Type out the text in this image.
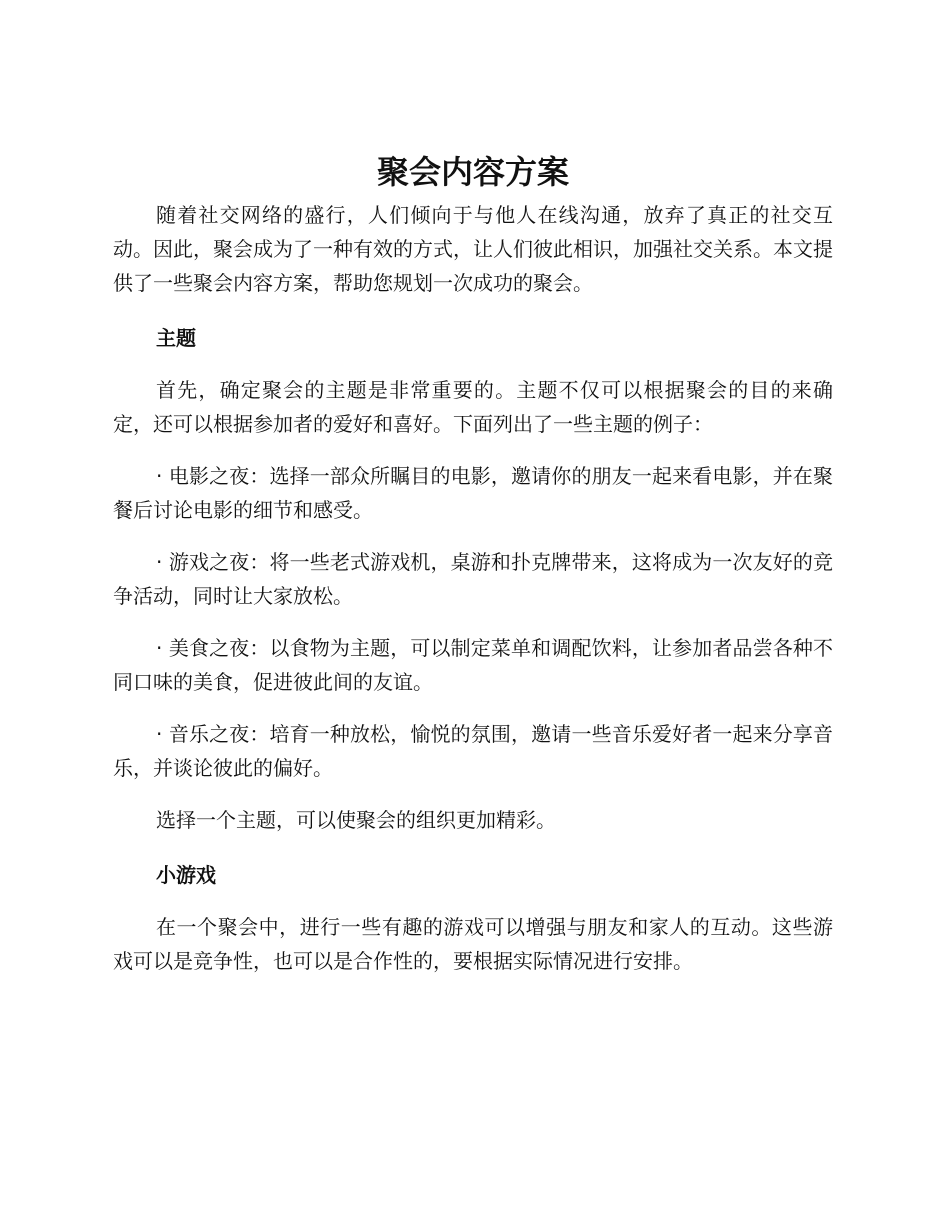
聚会内容方案

随着社交网络的盛行，人们倾向于与他人在线沟通，放弃了真正的社交互动。因此，聚会成为了一种有效的方式，让人们彼此相识，加强社交关系。本文提供了一些聚会内容方案，帮助您规划一次成功的聚会。

主题

首先，确定聚会的主题是非常重要的。主题不仅可以根据聚会的目的来确定，还可以根据参加者的爱好和喜好。下面列出了一些主题的例子：

· 电影之夜：选择一部众所瞩目的电影，邀请你的朋友一起来看电影，并在聚餐后讨论电影的细节和感受。

· 游戏之夜：将一些老式游戏机，桌游和扑克牌带来，这将成为一次友好的竞争活动，同时让大家放松。

· 美食之夜：以食物为主题，可以制定菜单和调配饮料，让参加者品尝各种不同口味的美食，促进彼此间的友谊。

· 音乐之夜：培育一种放松，愉悦的氛围，邀请一些音乐爱好者一起来分享音乐，并谈论彼此的偏好。

选择一个主题，可以使聚会的组织更加精彩。

小游戏

在一个聚会中，进行一些有趣的游戏可以增强与朋友和家人的互动。这些游戏可以是竞争性，也可以是合作性的，要根据实际情况进行安排。
